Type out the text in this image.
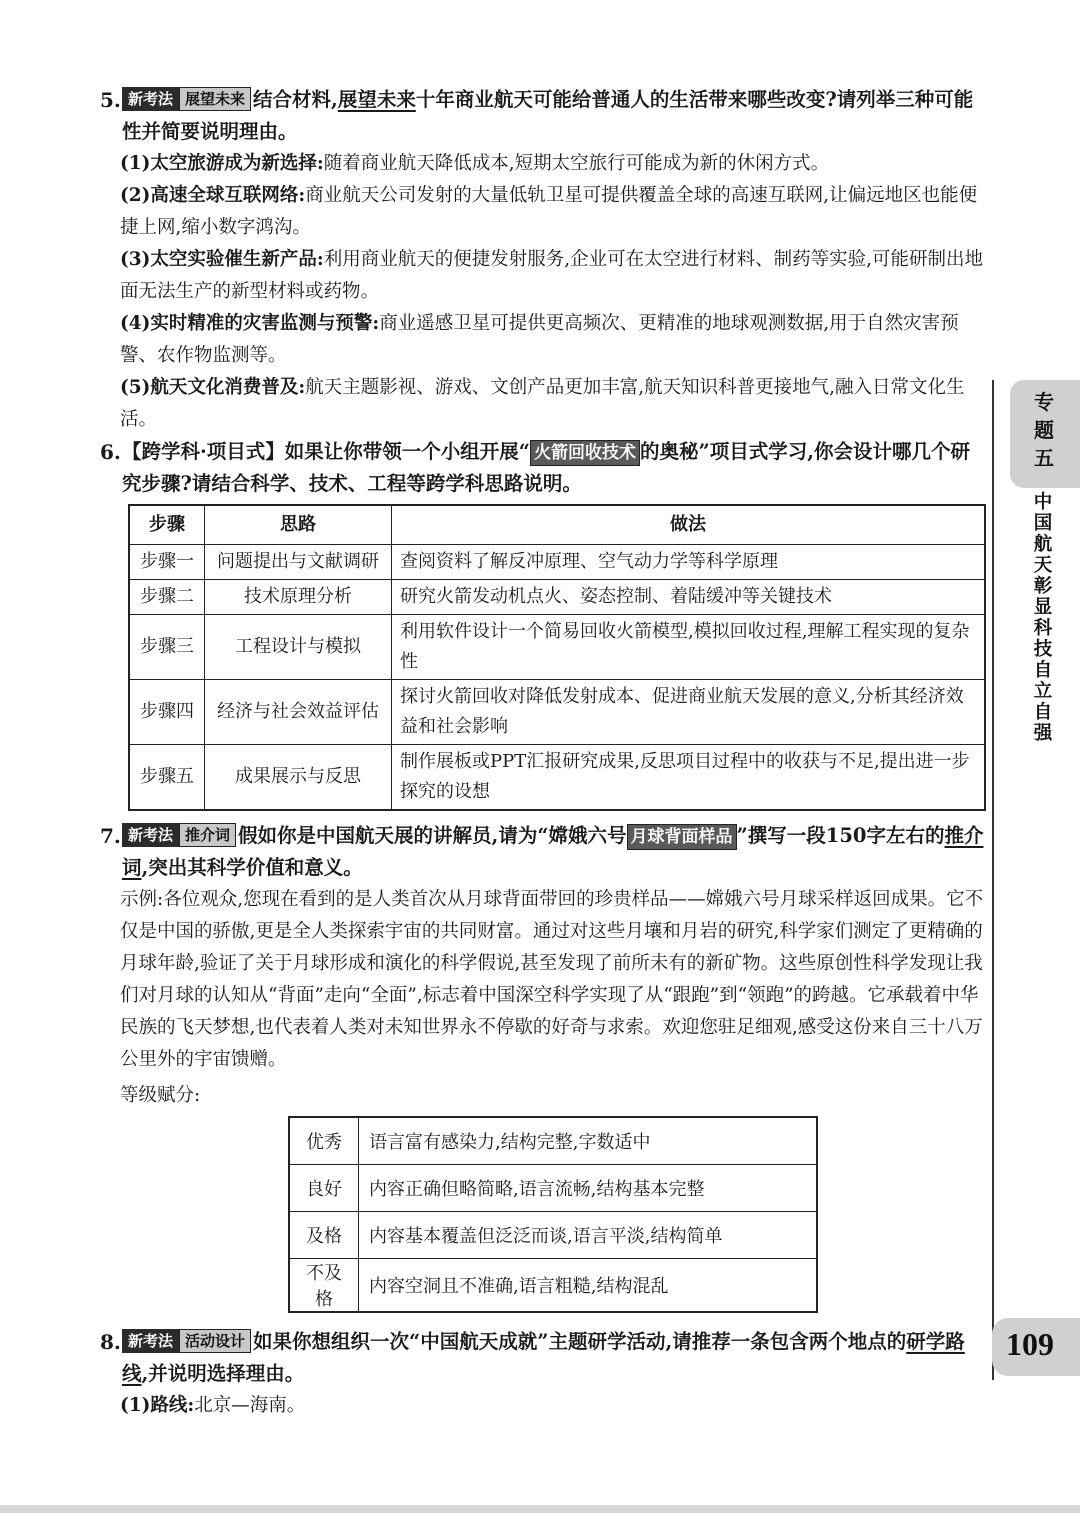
5. 新考法 展望未来 结合材料,展望未来十年商业航天可能给普通人的生活带来哪些改变?请列举三种可能性并简要说明理由。
(1)太空旅游成为新选择:随着商业航天降低成本,短期太空旅行可能成为新的休闲方式。
(2)高速全球互联网络:商业航天公司发射的大量低轨卫星可提供覆盖全球的高速互联网,让偏远地区也能便捷上网,缩小数字鸿沟。
(3)太空实验催生新产品:利用商业航天的便捷发射服务,企业可在太空进行材料、制药等实验,可能研制出地面无法生产的新型材料或药物。
(4)实时精准的灾害监测与预警:商业遥感卫星可提供更高频次、更精准的地球观测数据,用于自然灾害预警、农作物监测等。
(5)航天文化消费普及:航天主题影视、游戏、文创产品更加丰富,航天知识科普更接地气,融入日常文化生活。
6. 【跨学科·项目式】如果让你带领一个小组开展“ 火箭回收技术 的奥秘”项目式学习,你会设计哪几个研究步骤?请结合科学、技术、工程等跨学科思路说明。
步骤	思路	做法
步骤一	问题提出与文献调研	查阅资料了解反冲原理、空气动力学等科学原理
步骤二	技术原理分析	研究火箭发动机点火、姿态控制、着陆缓冲等关键技术
步骤三	工程设计与模拟	利用软件设计一个简易回收火箭模型,模拟回收过程,理解工程实现的复杂性
步骤四	经济与社会效益评估	探讨火箭回收对降低发射成本、促进商业航天发展的意义,分析其经济效益和社会影响
步骤五	成果展示与反思	制作展板或PPT汇报研究成果,反思项目过程中的收获与不足,提出进一步探究的设想
7. 新考法 推介词 假如你是中国航天展的讲解员,请为“嫦娥六号 月球背面样品 ”撰写一段150字左右的推介词,突出其科学价值和意义。
示例:各位观众,您现在看到的是人类首次从月球背面带回的珍贵样品——嫦娥六号月球采样返回成果。它不仅是中国的骄傲,更是全人类探索宇宙的共同财富。通过对这些月壤和月岩的研究,科学家们测定了更精确的月球年龄,验证了关于月球形成和演化的科学假说,甚至发现了前所未有的新矿物。这些原创性科学发现让我们对月球的认知从“背面”走向“全面”,标志着中国深空科学实现了从“跟跑”到“领跑”的跨越。它承载着中华民族的飞天梦想,也代表着人类对未知世界永不停歇的好奇与求索。欢迎您驻足细观,感受这份来自三十八万公里外的宇宙馈赠。
等级赋分:
优秀	语言富有感染力,结构完整,字数适中
良好	内容正确但略简略,语言流畅,结构基本完整
及格	内容基本覆盖但泛泛而谈,语言平淡,结构简单
不及格	内容空洞且不准确,语言粗糙,结构混乱
8. 新考法 活动设计 如果你想组织一次“中国航天成就”主题研学活动,请推荐一条包含两个地点的研学路线,并说明选择理由。
(1)路线:北京—海南。
专题五
中国航天彰显科技自立自强
109
